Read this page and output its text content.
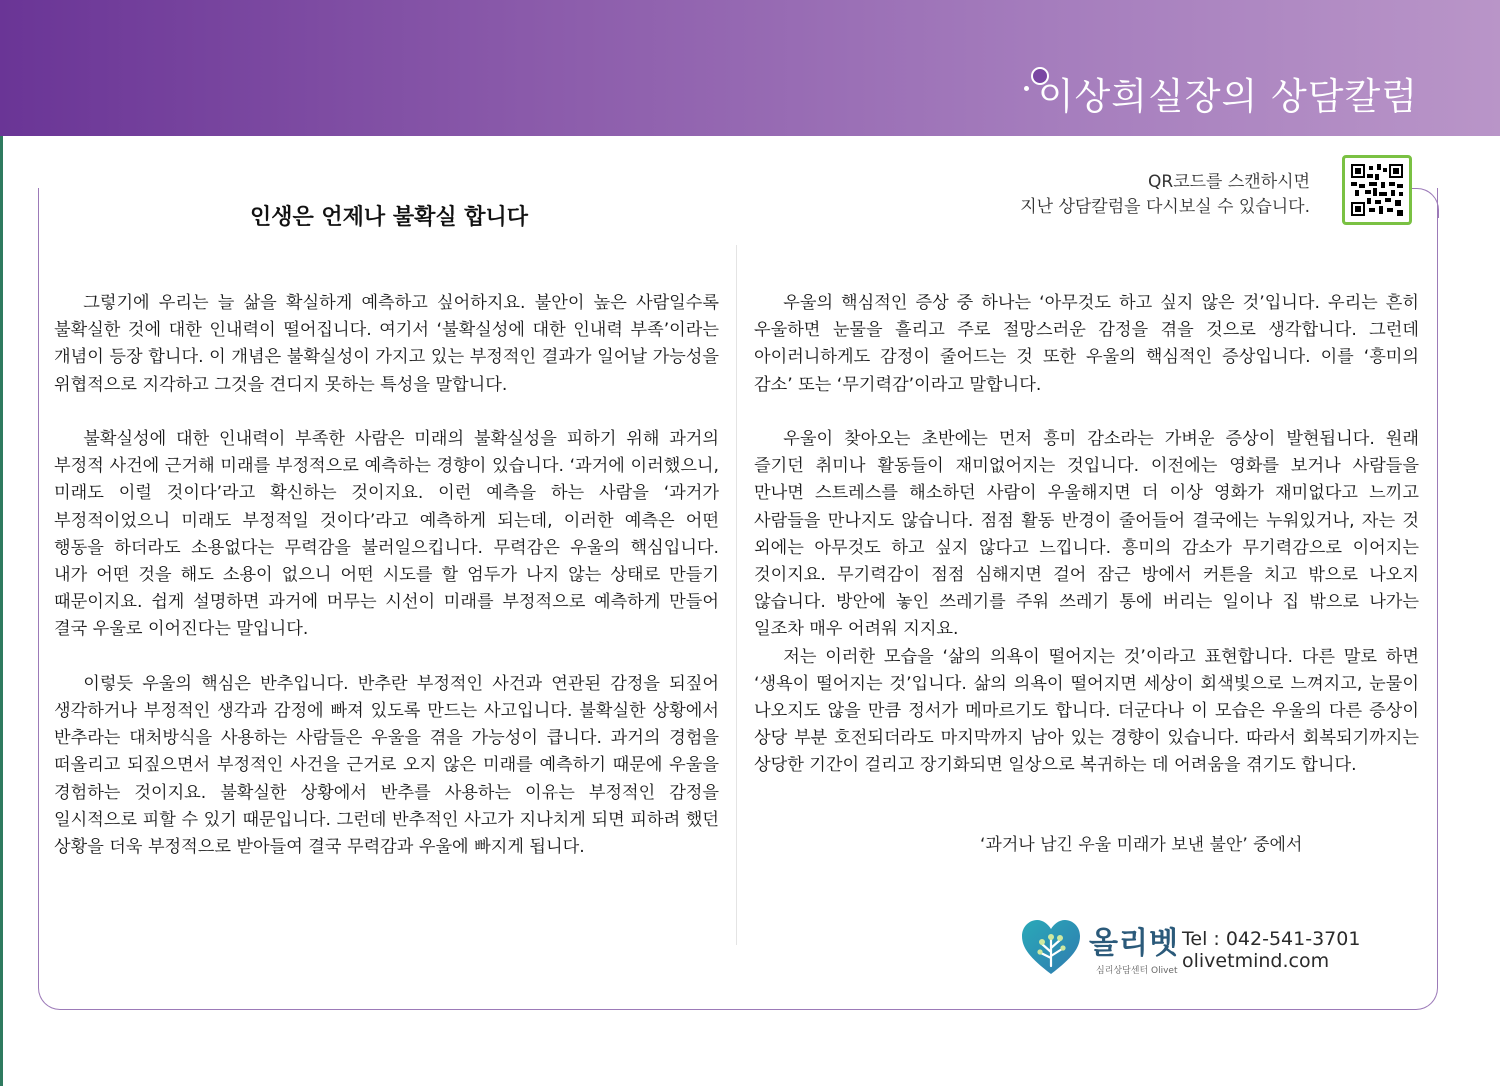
이상희실장의 상담칼럼
QR코드를 스캔하시면
지난 상담칼럼을 다시보실 수 있습니다.
인생은 언제나 불확실 합니다

그렇기에 우리는 늘 삶을 확실하게 예측하고 싶어하지요. 불안이 높은 사람일수록 불확실한 것에 대한 인내력이 떨어집니다. 여기서 ‘불확실성에 대한 인내력 부족’이라는 개념이 등장 합니다. 이 개념은 불확실성이 가지고 있는 부정적인 결과가 일어날 가능성을 위협적으로 지각하고 그것을 견디지 못하는 특성을 말합니다.

불확실성에 대한 인내력이 부족한 사람은 미래의 불확실성을 피하기 위해 과거의 부정적 사건에 근거해 미래를 부정적으로 예측하는 경향이 있습니다. ‘과거에 이러했으니, 미래도 이럴 것이다’라고 확신하는 것이지요. 이런 예측을 하는 사람을 ‘과거가 부정적이었으니 미래도 부정적일 것이다’라고 예측하게 되는데, 이러한 예측은 어떤 행동을 하더라도 소용없다는 무력감을 불러일으킵니다. 무력감은 우울의 핵심입니다. 내가 어떤 것을 해도 소용이 없으니 어떤 시도를 할 엄두가 나지 않는 상태로 만들기 때문이지요. 쉽게 설명하면 과거에 머무는 시선이 미래를 부정적으로 예측하게 만들어 결국 우울로 이어진다는 말입니다.

이렇듯 우울의 핵심은 반추입니다. 반추란 부정적인 사건과 연관된 감정을 되짚어 생각하거나 부정적인 생각과 감정에 빠져 있도록 만드는 사고입니다. 불확실한 상황에서 반추라는 대처방식을 사용하는 사람들은 우울을 겪을 가능성이 큽니다. 과거의 경험을 떠올리고 되짚으면서 부정적인 사건을 근거로 오지 않은 미래를 예측하기 때문에 우울을 경험하는 것이지요. 불확실한 상황에서 반추를 사용하는 이유는 부정적인 감정을 일시적으로 피할 수 있기 때문입니다. 그런데 반추적인 사고가 지나치게 되면 피하려 했던 상황을 더욱 부정적으로 받아들여 결국 무력감과 우울에 빠지게 됩니다.

우울의 핵심적인 증상 중 하나는 ‘아무것도 하고 싶지 않은 것’입니다. 우리는 흔히 우울하면 눈물을 흘리고 주로 절망스러운 감정을 겪을 것으로 생각합니다. 그런데 아이러니하게도 감정이 줄어드는 것 또한 우울의 핵심적인 증상입니다. 이를 ‘흥미의 감소’ 또는 ‘무기력감’이라고 말합니다.

우울이 찾아오는 초반에는 먼저 흥미 감소라는 가벼운 증상이 발현됩니다. 원래 즐기던 취미나 활동들이 재미없어지는 것입니다. 이전에는 영화를 보거나 사람들을 만나면 스트레스를 해소하던 사람이 우울해지면 더 이상 영화가 재미없다고 느끼고 사람들을 만나지도 않습니다. 점점 활동 반경이 줄어들어 결국에는 누워있거나, 자는 것 외에는 아무것도 하고 싶지 않다고 느낍니다. 흥미의 감소가 무기력감으로 이어지는 것이지요. 무기력감이 점점 심해지면 걸어 잠근 방에서 커튼을 치고 밖으로 나오지 않습니다. 방안에 놓인 쓰레기를 주워 쓰레기 통에 버리는 일이나 집 밖으로 나가는 일조차 매우 어려워 지지요.

저는 이러한 모습을 ‘삶의 의욕이 떨어지는 것’이라고 표현합니다. 다른 말로 하면 ‘생욕이 떨어지는 것’입니다. 삶의 의욕이 떨어지면 세상이 회색빛으로 느껴지고, 눈물이 나오지도 않을 만큼 정서가 메마르기도 합니다. 더군다나 이 모습은 우울의 다른 증상이 상당 부분 호전되더라도 마지막까지 남아 있는 경향이 있습니다. 따라서 회복되기까지는 상당한 기간이 걸리고 장기화되면 일상으로 복귀하는 데 어려움을 겪기도 합니다.

‘과거나 남긴 우울 미래가 보낸 불안’ 중에서
올리벳
심리상담센터 Olivet
Tel : 042-541-3701
olivetmind.com
